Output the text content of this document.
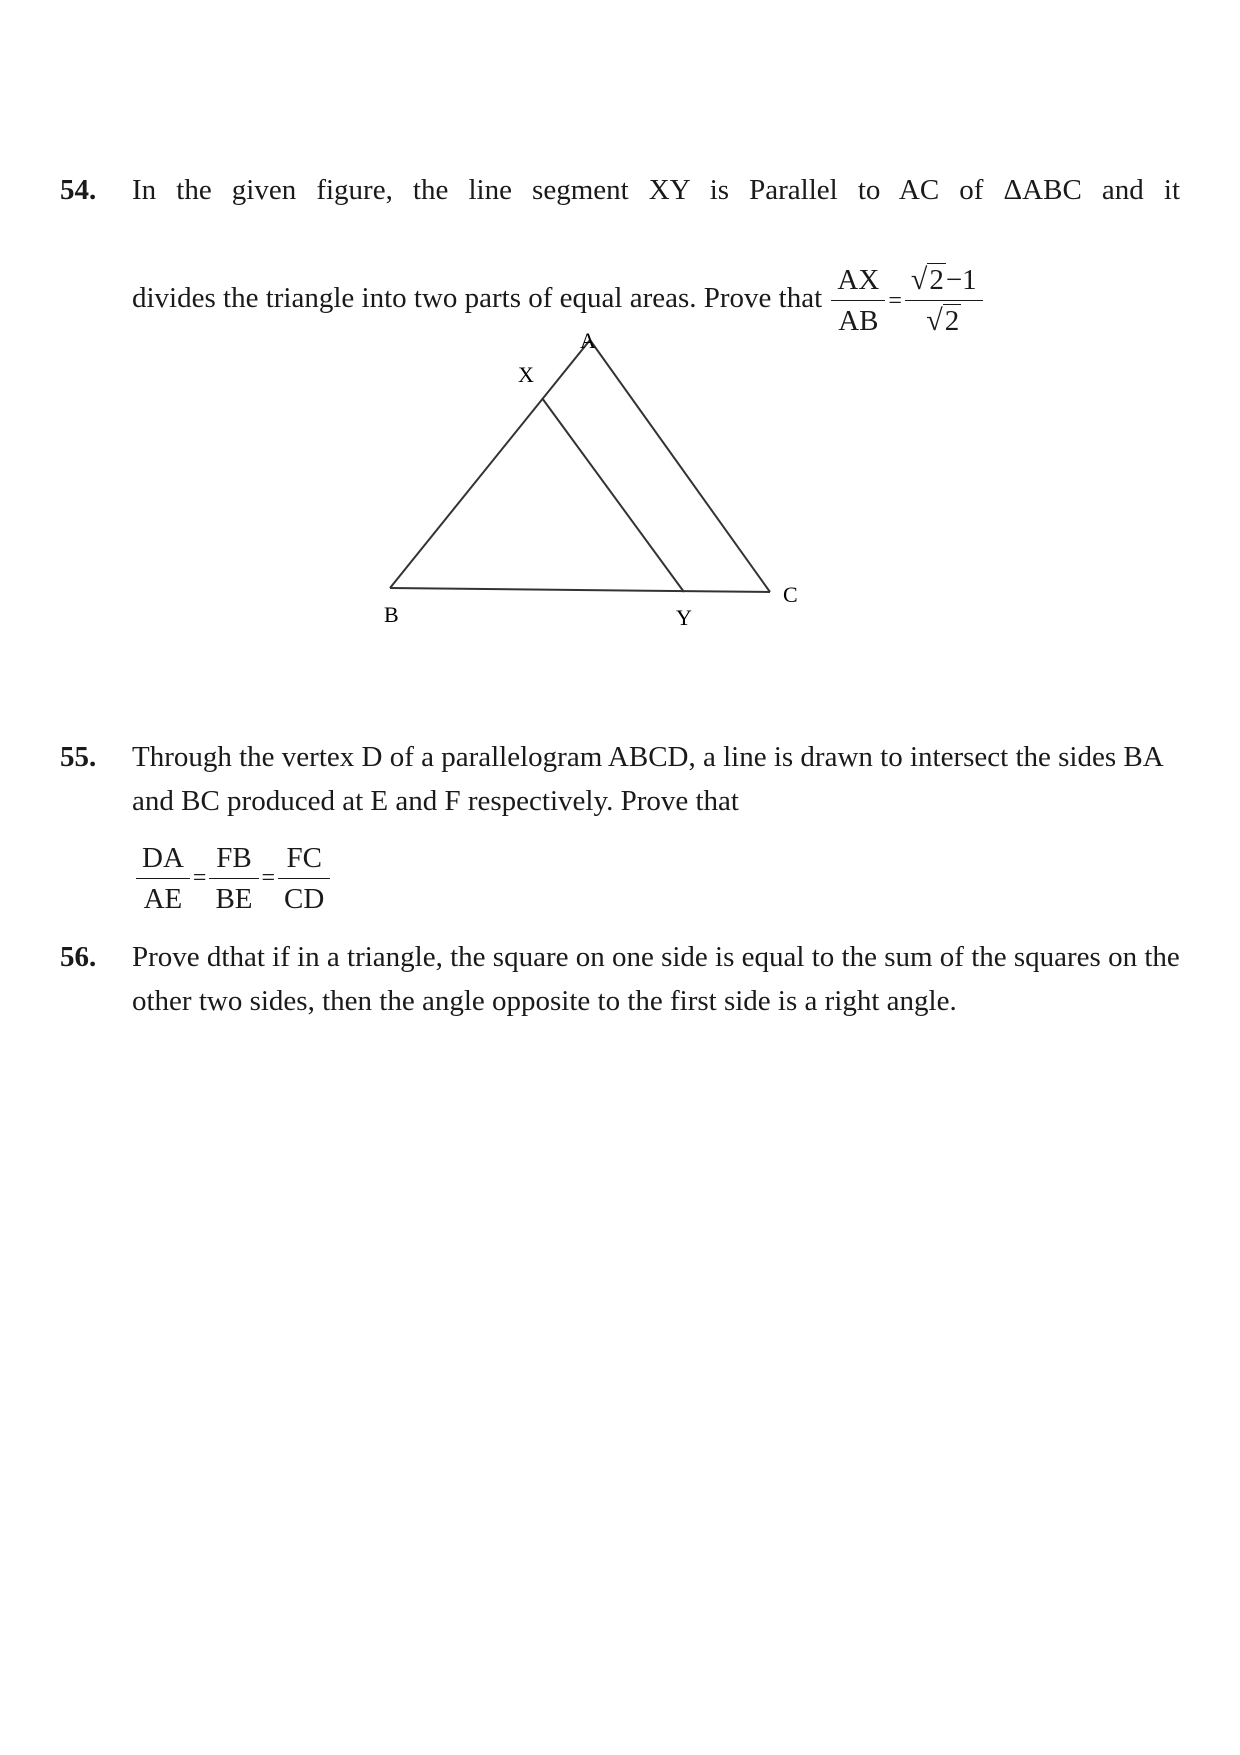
54. In the given figure, the line segment XY is Parallel to AC of ΔABC and it
divides the triangle into two parts of equal areas. Prove that $\frac{AX}{AB} = \frac{√2-1}{√2}$
A
X
B	Y
C
55. Through the vertex D of a parallelogram ABCD, a line is drawn to intersect the sides BA and BC produced at E and F respectively. Prove that
$\frac{DA}{AE} = \frac{FB}{BE} = \frac{FC}{CD}$
56. Prove dthat if in a triangle, the square on one side is equal to the sum of the squares on the other two sides, then the angle opposite to the first side is a right angle.
